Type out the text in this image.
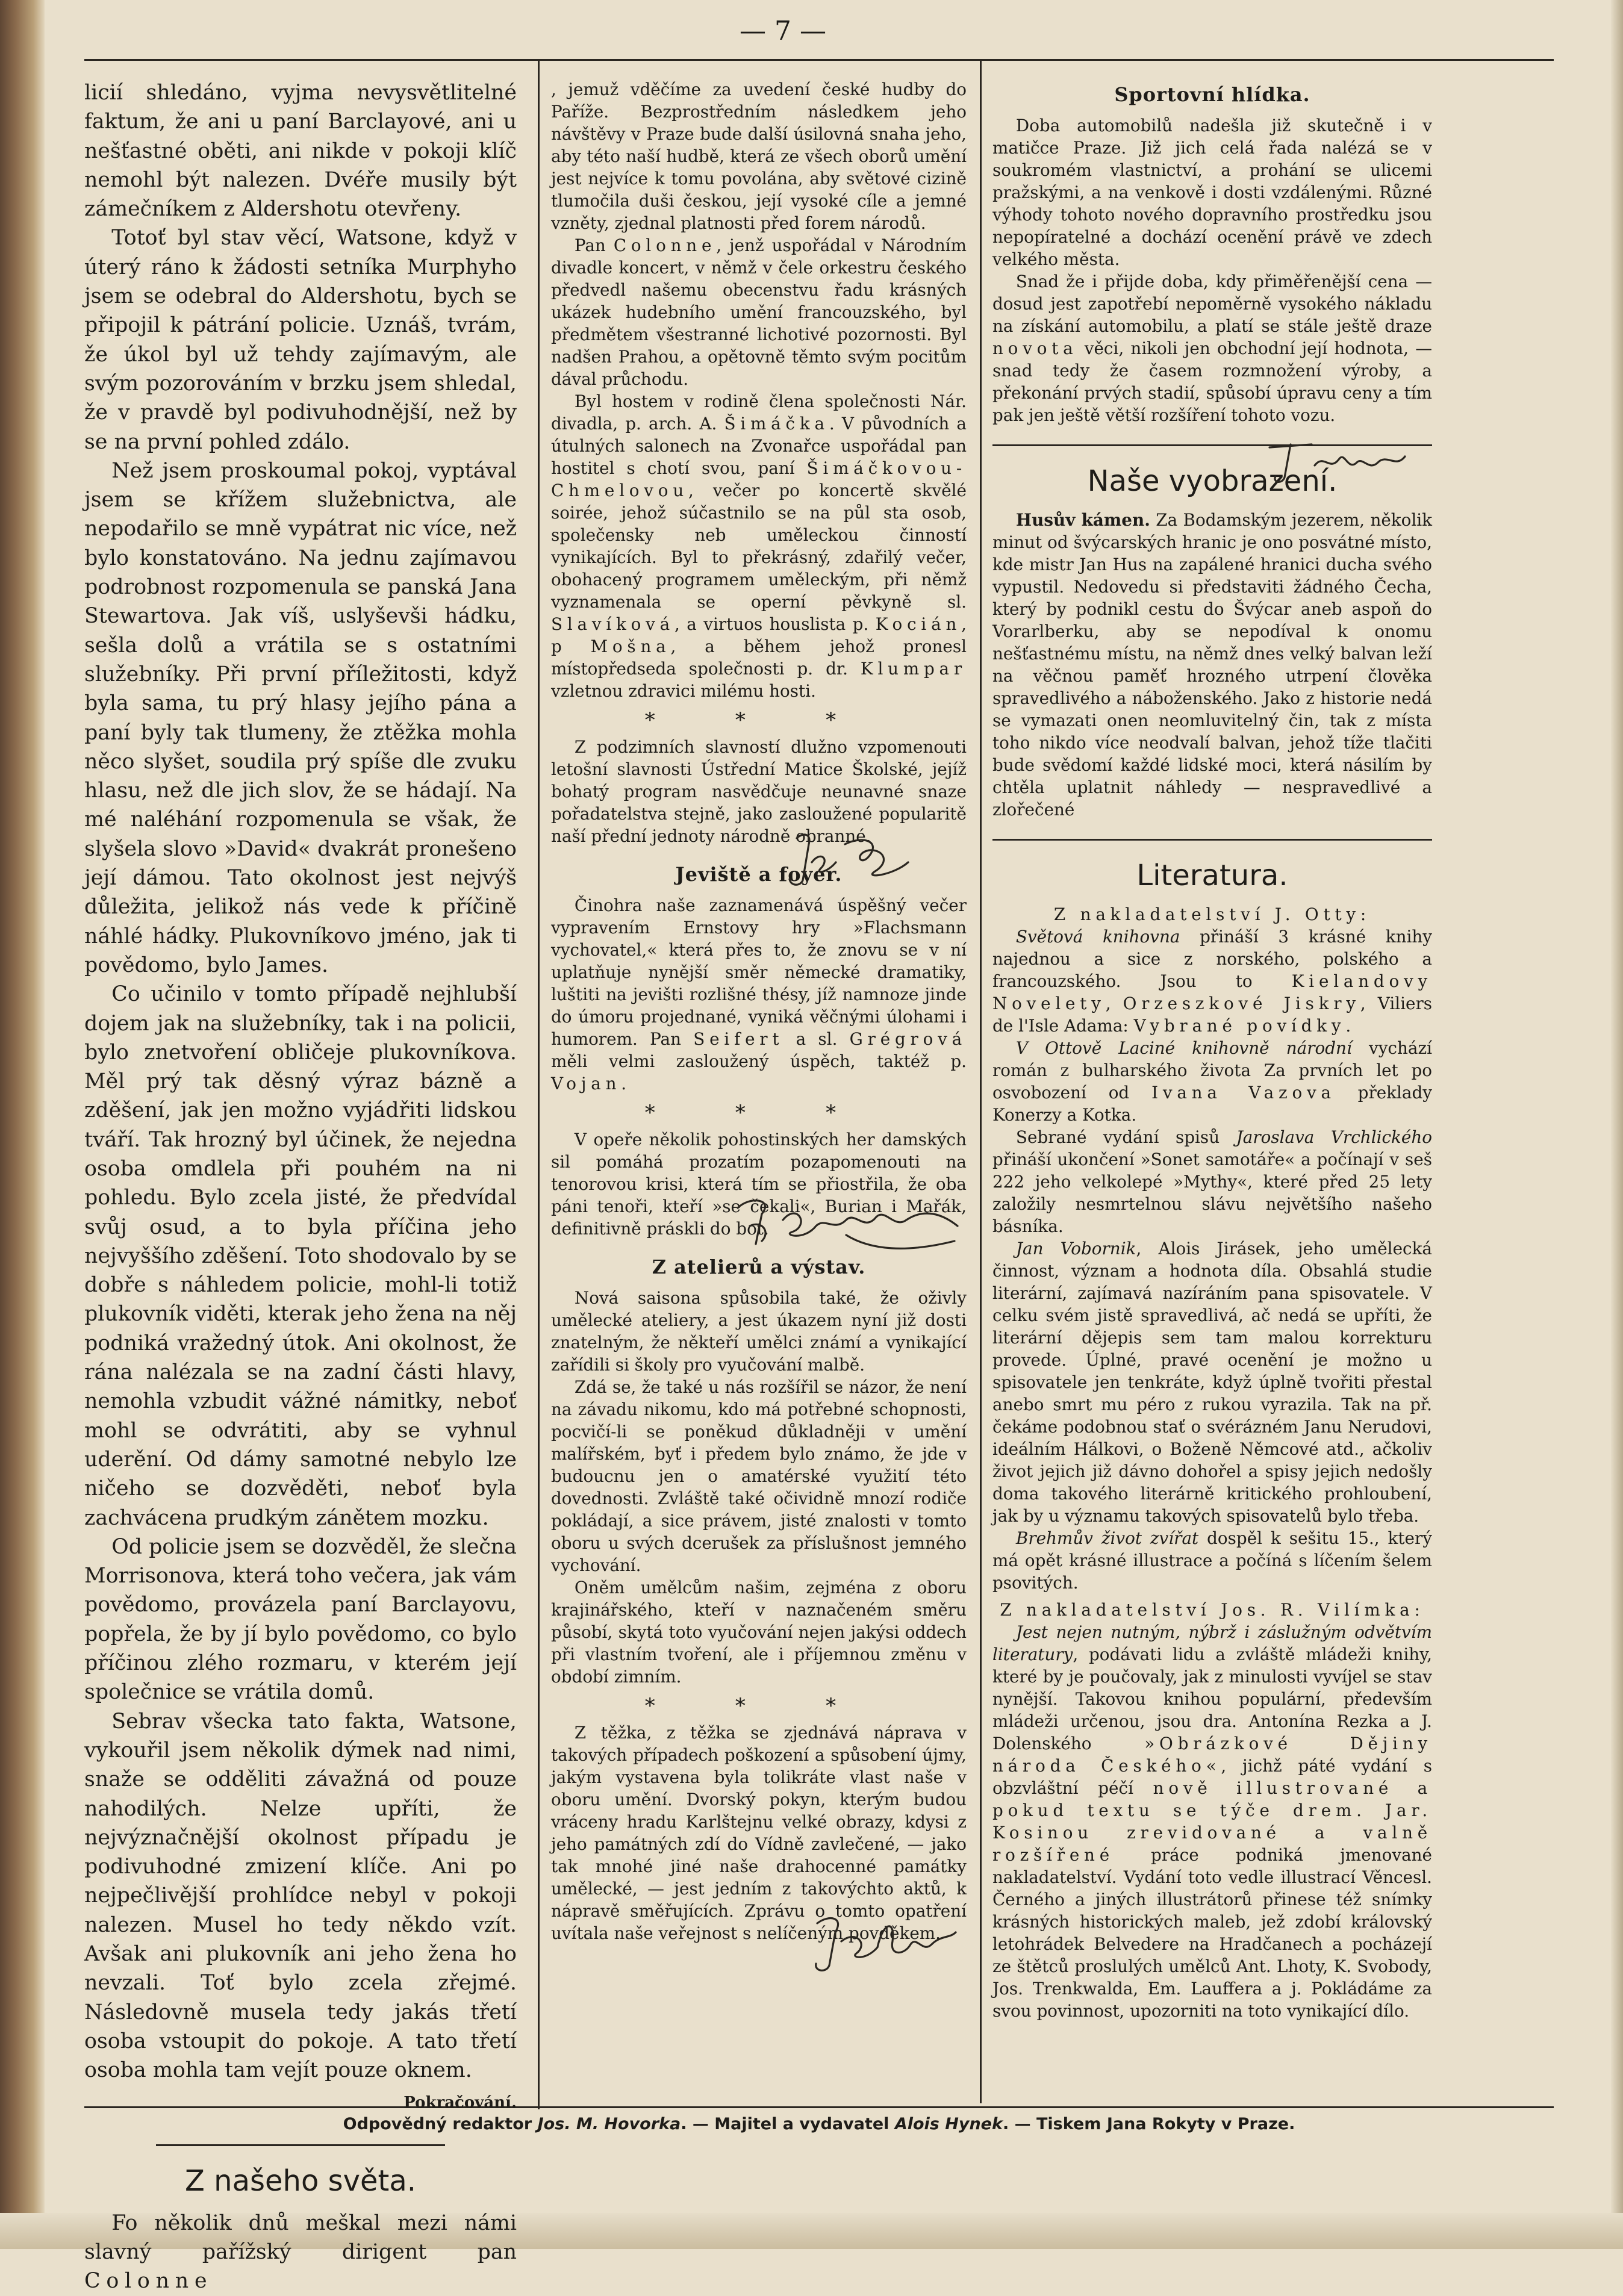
— 7 —

licií shledáno, vyjma nevysvětlitelné faktum, že ani u paní Barclayové, ani u nešťastné oběti, ani nikde v pokoji klíč nemohl být nalezen. Dvéře musily být zámečníkem z Aldershotu otevřeny.

Totoť byl stav věcí, Watsone, když v úterý ráno k žádosti setníka Murphyho jsem se odebral do Aldershotu, bych se připojil k pátrání policie. Uznáš, tvrám, že úkol byl už tehdy zajímavým, ale svým pozorováním v brzku jsem shledal, že v pravdě byl podivuhodnější, než by se na první pohled zdálo.

Než jsem proskoumal pokoj, vyptával jsem se křížem služebnictva, ale nepodařilo se mně vypátrat nic více, než bylo konstatováno. Na jednu zajímavou podrobnost rozpomenula se panská Jana Stewartova. Jak víš, uslyševši hádku, sešla dolů a vrátila se s ostatními služebníky. Při první příležitosti, když byla sama, tu prý hlasy jejího pána a paní byly tak tlumeny, že ztěžka mohla něco slyšet, soudila prý spíše dle zvuku hlasu, než dle jich slov, že se hádají. Na mé naléhání rozpomenula se však, že slyšela slovo »David« dvakrát pronešeno její dámou. Tato okolnost jest nejvýš důležita, jelikož nás vede k příčině náhlé hádky. Plukovníkovo jméno, jak ti povědomo, bylo James.

Co učinilo v tomto případě nejhlubší dojem jak na služebníky, tak i na policii, bylo znetvoření obličeje plukovníkova. Měl prý tak děsný výraz bázně a zděšení, jak jen možno vyjádřiti lidskou tváří. Tak hrozný byl účinek, že nejedna osoba omdlela při pouhém na ni pohledu. Bylo zcela jisté, že předvídal svůj osud, a to byla příčina jeho nejvyššího zděšení. Toto shodovalo by se dobře s náhledem policie, mohl-li totiž plukovník viděti, kterak jeho žena na něj podniká vražedný útok. Ani okolnost, že rána nalézala se na zadní části hlavy, nemohla vzbudit vážné námitky, neboť mohl se odvrátiti, aby se vyhnul uderění. Od dámy samotné nebylo lze ničeho se dozvěděti, neboť byla zachvácena prudkým zánětem mozku.

Od policie jsem se dozvěděl, že slečna Morrisonova, která toho večera, jak vám povědomo, provázela paní Barclayovu, popřela, že by jí bylo povědomo, co bylo příčinou zlého rozmaru, v kterém její společnice se vrátila domů.

Sebrav všecka tato fakta, Watsone, vykouřil jsem několik dýmek nad nimi, snaže se odděliti závažná od pouze nahodilých. Nelze upříti, že nejvýznačnější okolnost případu je podivuhodné zmizení klíče. Ani po nejpečlivější prohlídce nebyl v pokoji nalezen. Musel ho tedy někdo vzít. Avšak ani plukovník ani jeho žena ho nevzali. Toť bylo zcela zřejmé. Následovně musela tedy jakás třetí osoba vstoupit do pokoje. A tato třetí osoba mohla tam vejít pouze oknem.

Pokračování.

Z našeho světa.

Fo několik dnů meškal mezi námi slavný pařížský dirigent pan Colonne

, jemuž vděčíme za uvedení české hudby do Paříže. Bezprostředním následkem jeho návštěvy v Praze bude další úsilovná snaha jeho, aby této naší hudbě, která ze všech oborů umění jest nejvíce k tomu povolána, aby světové cizině tlumočila duši českou, její vysoké cíle a jemné vzněty, zjednal platnosti před forem národů.

Pan Colonne, jenž uspořádal v Národním divadle koncert, v němž v čele orkestru českého předvedl našemu obecenstvu řadu krásných ukázek hudebního umění francouzského, byl předmětem všestranné lichotivé pozornosti. Byl nadšen Prahou, a opětovně těmto svým pocitům dával průchodu.

Byl hostem v rodině člena společnosti Nár. divadla, p. arch. A. Šimáčka. V původních a útulných salonech na Zvonařce uspořádal pan hostitel s chotí svou, paní Šimáčkovou-Chmelovou, večer po koncertě skvělé soirée, jehož súčastnilo se na půl sta osob, společensky neb uměleckou činností vynikajících. Byl to překrásný, zdařilý večer, obohacený programem uměleckým, při němž vyznamenala se operní pěvkyně sl. Slavíková, a virtuos houslista p. Kocián, p Mošna, a během jehož pronesl místopředseda společnosti p. dr. Klumpar vzletnou zdravici milému hosti.

* * *

Z podzimních slavností dlužno vzpomenouti letošní slavnosti Ústřední Matice Školské, jejíž bohatý program nasvědčuje neunavné snaze pořadatelstva stejně, jako zasloužené popularitě naší přední jednoty národně obranné.

Jeviště a foyer.

Činohra naše zaznamenává úspěšný večer vypravením Ernstovy hry »Flachsmann vychovatel,« která přes to, že znovu se v ní uplatňuje nynější směr německé dramatiky, luštiti na jevišti rozlišné thésy, jíž namnoze jinde do úmoru projednané, vyniká věčnými úlohami i humorem. Pan Seifert a sl. Grégrová měli velmi zasloužený úspěch, taktéž p. Vojan.

* * *

V opeře několik pohostinských her damských sil pomáhá prozatím pozapomenouti na tenorovou krisi, která tím se přiostřila, že oba páni tenoři, kteří »se čekali«, Burian i Mařák, definitivně práskli do bot.

Z atelierů a výstav.

Nová saisona spůsobila také, že oživly umělecké ateliery, a jest úkazem nyní již dosti znatelným, že někteří umělci známí a vynikající zařídili si školy pro vyučování malbě.

Zdá se, že také u nás rozšířil se názor, že není na závadu nikomu, kdo má potřebné schopnosti, pocvičí-li se poněkud důkladněji v umění malířském, byť i předem bylo známo, že jde v budoucnu jen o amatérské využití této dovednosti. Zvláště také očividně mnozí rodiče pokládají, a sice právem, jisté znalosti v tomto oboru u svých dcerušek za příslušnost jemného vychování.

Oněm umělcům našim, zejména z oboru krajinářského, kteří v naznačeném směru působí, skytá toto vyučování nejen jakýsi oddech při vlastním tvoření, ale i příjemnou změnu v období zimním.

* * *

Z těžka, z těžka se zjednává náprava v takových případech poškození a spůsobení újmy, jakým vystavena byla tolikráte vlast naše v oboru umění. Dvorský pokyn, kterým budou vráceny hradu Karlštejnu velké obrazy, kdysi z jeho památných zdí do Vídně zavlečené, — jako tak mnohé jiné naše drahocenné památky umělecké, — jest jedním z takovýchto aktů, k nápravě směřujících. Zprávu o tomto opatření uvítala naše veřejnost s nelíčeným povděkem.

Sportovní hlídka.

Doba automobilů nadešla již skutečně i v matičce Praze. Již jich celá řada nalézá se v soukromém vlastnictví, a prohání se ulicemi pražskými, a na venkově i dosti vzdálenými. Různé výhody tohoto nového dopravního prostředku jsou nepopíratelné a dochází ocenění právě ve zdech velkého města.

Snad že i přijde doba, kdy přiměřenější cena — dosud jest zapotřebí nepoměrně vysokého nákladu na získání automobilu, a platí se stále ještě draze novota věci, nikoli jen obchodní její hodnota, — snad tedy že časem rozmnožení výroby, a překonání prvých stadií, spůsobí úpravu ceny a tím pak jen ještě větší rozšíření tohoto vozu.

Naše vyobrazení.

Husův kámen. Za Bodamským jezerem, několik minut od švýcarských hranic je ono posvátné místo, kde mistr Jan Hus na zapálené hranici ducha svého vypustil. Nedovedu si představiti žádného Čecha, který by podnikl cestu do Švýcar aneb aspoň do Vorarlberku, aby se nepodíval k onomu nešťastnému místu, na němž dnes velký balvan leží na věčnou paměť hrozného utrpení člověka spravedlivého a náboženského. Jako z historie nedá se vymazati onen neomluvitelný čin, tak z místa toho nikdo více neodvalí balvan, jehož tíže tlačiti bude svědomí každé lidské moci, která násilím by chtěla uplatnit náhledy — nespravedlivé a zlořečené

Literatura.

Z nakladatelství J. Otty:

Světová knihovna přináší 3 krásné knihy najednou a sice z norského, polského a francouzského. Jsou to Kielandovy Novelety, Orzeszkové Jiskry, Viliers de l'Isle Adama: Vybrané povídky.

V Ottově Laciné knihovně národní vychází román z bulharského života Za prvních let po osvobození od Ivana Vazova překlady Konerzy a Kotka.

Sebrané vydání spisů Jaroslava Vrchlického přináší ukončení »Sonet samotáře« a počínají v seš 222 jeho velkolepé »Mythy«, které před 25 lety založily nesmrtelnou slávu největšího našeho básníka.

Jan Vobornik, Alois Jirásek, jeho umělecká činnost, význam a hodnota díla. Obsahlá studie literární, zajímavá nazíráním pana spisovatele. V celku svém jistě spravedlivá, ač nedá se upříti, že literární dějepis sem tam malou korrekturu provede. Úplné, pravé ocenění je možno u spisovatele jen tenkráte, když úplně tvořiti přestal anebo smrt mu péro z rukou vyrazila. Tak na př. čekáme podobnou stať o svérázném Janu Nerudovi, ideálním Hálkovi, o Boženě Němcové atd., ačkoliv život jejich již dávno dohořel a spisy jejich nedošly doma takového literárně kritického prohloubení, jak by u významu takových spisovatelů bylo třeba.

Brehmův život zvířat dospěl k sešitu 15., který má opět krásné illustrace a počíná s líčením šelem psovitých.

Z nakladatelství Jos. R. Vilímka:

Jest nejen nutným, nýbrž i záslužným odvětvím literatury, podávati lidu a zvláště mládeži knihy, které by je poučovaly, jak z minulosti vyvíjel se stav nynější. Takovou knihou populární, především mládeži určenou, jsou dra. Antonína Rezka a J. Dolenského	»Obrázkové Dějiny národa Českého«, jichž páté vydání s obzvláštní péčí nově illustrované a pokud textu se týče drem. Jar. Kosinou zrevidované a valně rozšířené práce podniká jmenované nakladatelství. Vydání toto vedle illustrací Věncesl. Černého a jiných illustrátorů přinese též snímky krásných historických maleb, jež zdobí královský letohrádek Belvedere na Hradčanech a pocházejí ze štětců proslulých umělců Ant. Lhoty, K. Svobody, Jos. Trenkwalda, Em. Lauffera a j. Pokládáme za svou povinnost, upozorniti na toto vynikající dílo.

Odpovědný redaktor Jos. M. Hovorka. — Majitel a vydavatel Alois Hynek. — Tiskem Jana Rokyty v Praze.
